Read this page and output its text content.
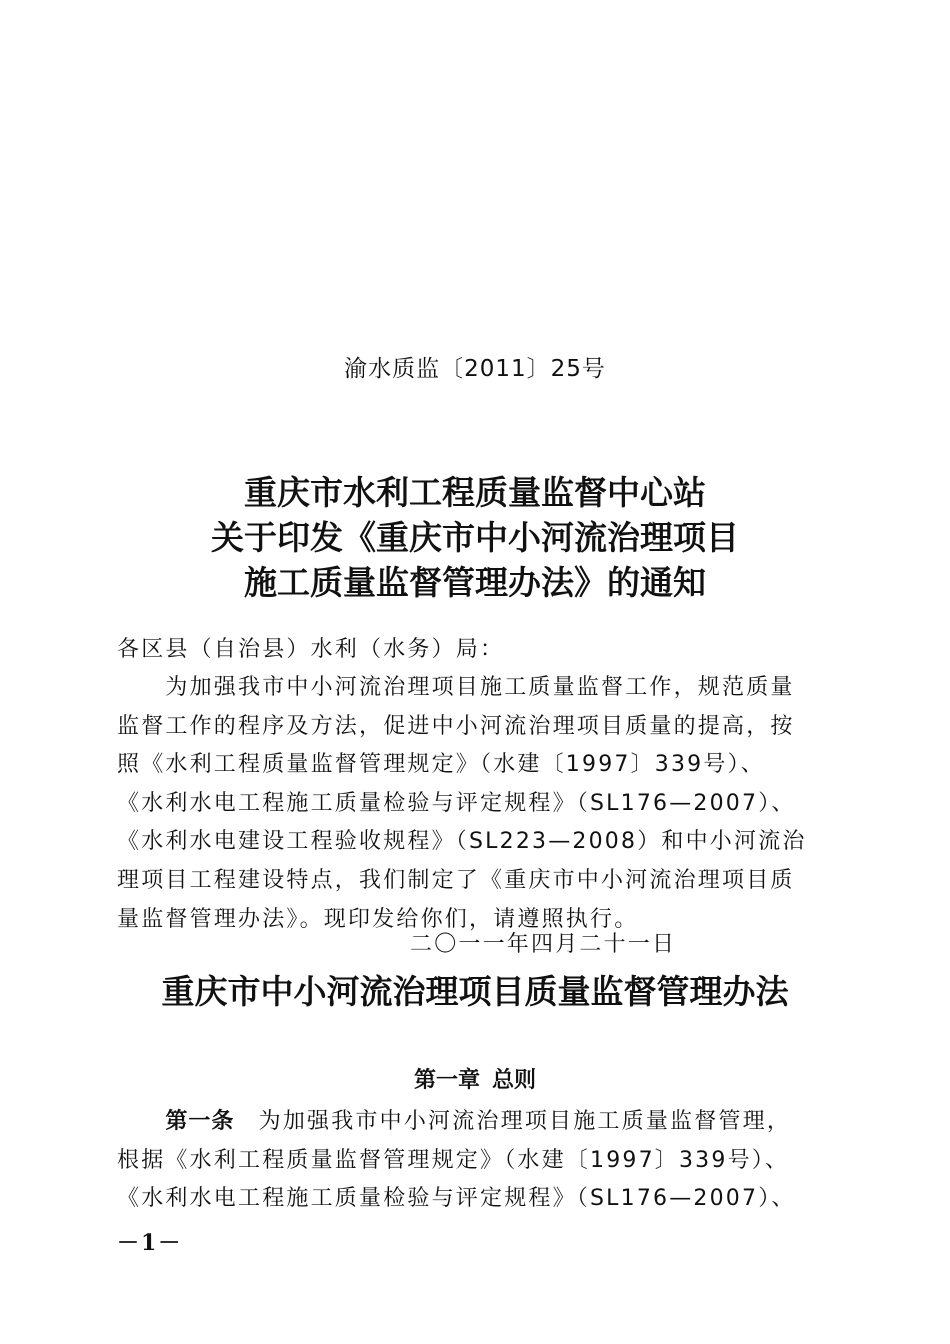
渝水质监〔2011〕25号
重庆市水利工程质量监督中心站
关于印发《重庆市中小河流治理项目
施工质量监督管理办法》的通知
各区县（自治县）水利（水务）局：
　　为加强我市中小河流治理项目施工质量监督工作，规范质量
监督工作的程序及方法，促进中小河流治理项目质量的提高，按
照《水利工程质量监督管理规定》（水建〔1997〕339号）、
《水利水电工程施工质量检验与评定规程》（SL176—2007）、
《水利水电建设工程验收规程》（SL223—2008）和中小河流治
理项目工程建设特点，我们制定了《重庆市中小河流治理项目质
量监督管理办法》。现印发给你们，请遵照执行。
二〇一一年四月二十一日
重庆市中小河流治理项目质量监督管理办法
第一章 总则
　　第一条　 为加强我市中小河流治理项目施工质量监督管理，
根据《水利工程质量监督管理规定》（水建〔1997〕339号）、
《水利水电工程施工质量检验与评定规程》（SL176—2007）、
－1－
